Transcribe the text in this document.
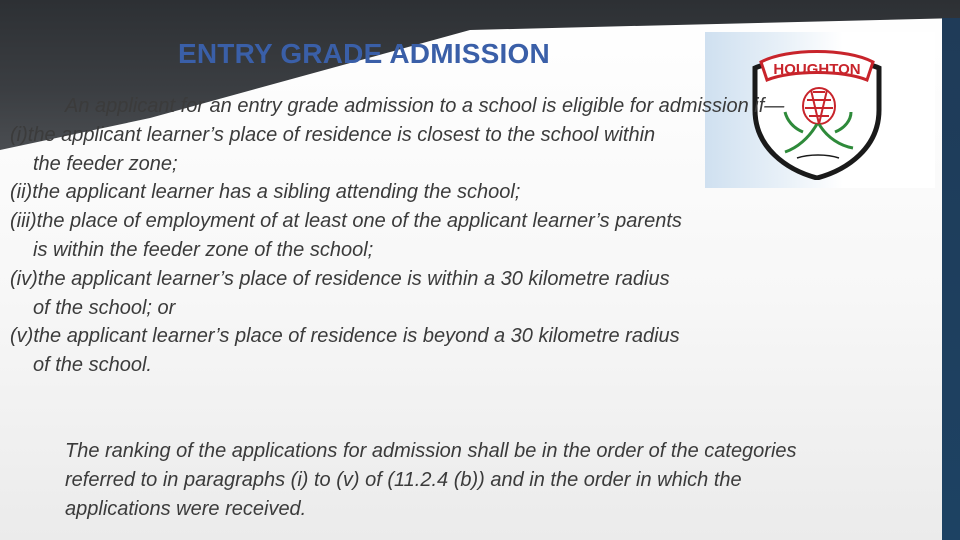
HOUGHTON
ENTRY GRADE ADMISSION
An applicant for an entry grade admission to a school is eligible for admission if—
(i)the applicant learner’s place of residence is closest to the school within
the feeder zone;
(ii)the applicant learner has a sibling attending the school;
(iii)the place of employment of at least one of the applicant learner’s parents
is within the feeder zone of the school;
(iv)the applicant learner’s place of residence is within a 30 kilometre radius
of the school; or
(v)the applicant learner’s place of residence is beyond a 30 kilometre radius
of the school.
The ranking of the applications for admission shall be in the order of the categories referred to in paragraphs (i) to (v) of (11.2.4 (b)) and in the order in which the applications were received.
